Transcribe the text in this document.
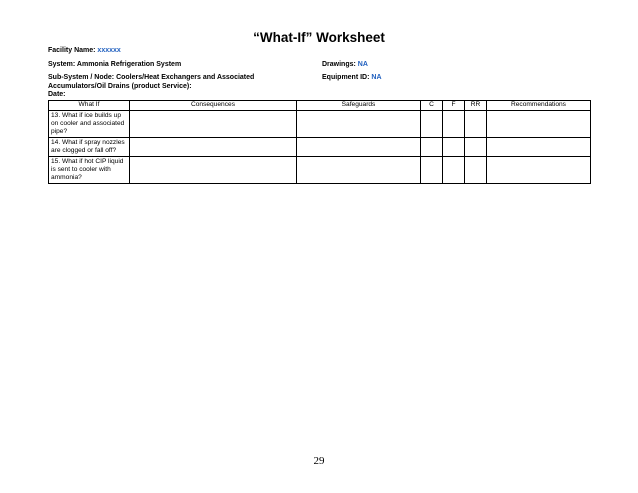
“What-If” Worksheet
Facility Name: xxxxxx
System: Ammonia Refrigeration System	Drawings: NA
Sub-System / Node: Coolers/Heat Exchangers and Associated Accumulators/Oil Drains (product Service):
Equipment ID: NA
Date:
What If	Consequences	Safeguards	C	F	RR	Recommendations
13. What if ice builds up on cooler and associated pipe?						
14. What if spray nozzles are clogged or fall off?						
15. What if hot CIP liquid is sent to cooler with ammonia?						
29
